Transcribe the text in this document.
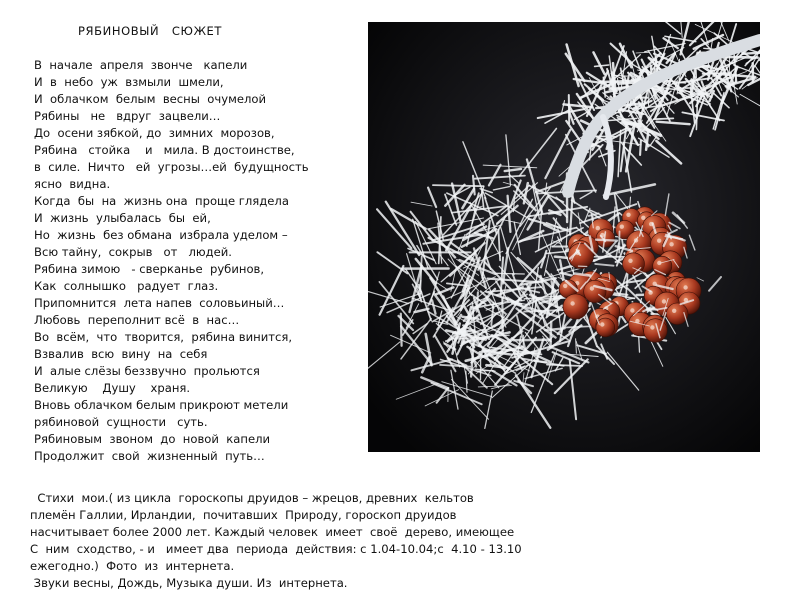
РЯБИНОВЫЙ   СЮЖЕТ
В  начале  апреля  звонче   капели
И  в  небо  уж  взмыли  шмели,
И  облачком  белым  весны  очумелой
Рябины   не   вдруг  зацвели…
До  осени зябкой, до  зимних  морозов,
Рябина   стойка    и   мила. В достоинстве,
в  силе.  Ничто   ей  угрозы…ей  будущность
ясно  видна.
Когда  бы  на  жизнь она  проще глядела
И  жизнь  улыбалась  бы  ей,
Но  жизнь  без обмана  избрала уделом –
Всю тайну,  сокрыв   от   людей.
Рябина зимою   - сверканье  рубинов,
Как  солнышко   радует  глаз.
Припомнится  лета напев  соловьиный…
Любовь  переполнит всё  в  нас…
Во  всём,  что  творится,  рябина винится,
Взвалив  всю  вину  на  себя
И  алые слёзы беззвучно  прольются
Великую    Душу    храня.
Вновь облачком белым прикроют метели
рябиновой  сущности   суть.
Рябиновым  звоном  до  новой  капели
Продолжит  свой  жизненный  путь…
Стихи  мои.( из цикла  гороскопы друидов – жрецов, древних  кельтов
племён Галлии, Ирландии,  почитавших  Природу, гороскоп друидов
насчитывает более 2000 лет. Каждый человек  имеет  своё  дерево, имеющее
С  ним  сходство, - и   имеет два  периода  действия: с 1.04-10.04;с  4.10 - 13.10
ежегодно.)  Фото  из  интернета.
Звуки весны, Дождь, Музыка души. Из  интернета.
